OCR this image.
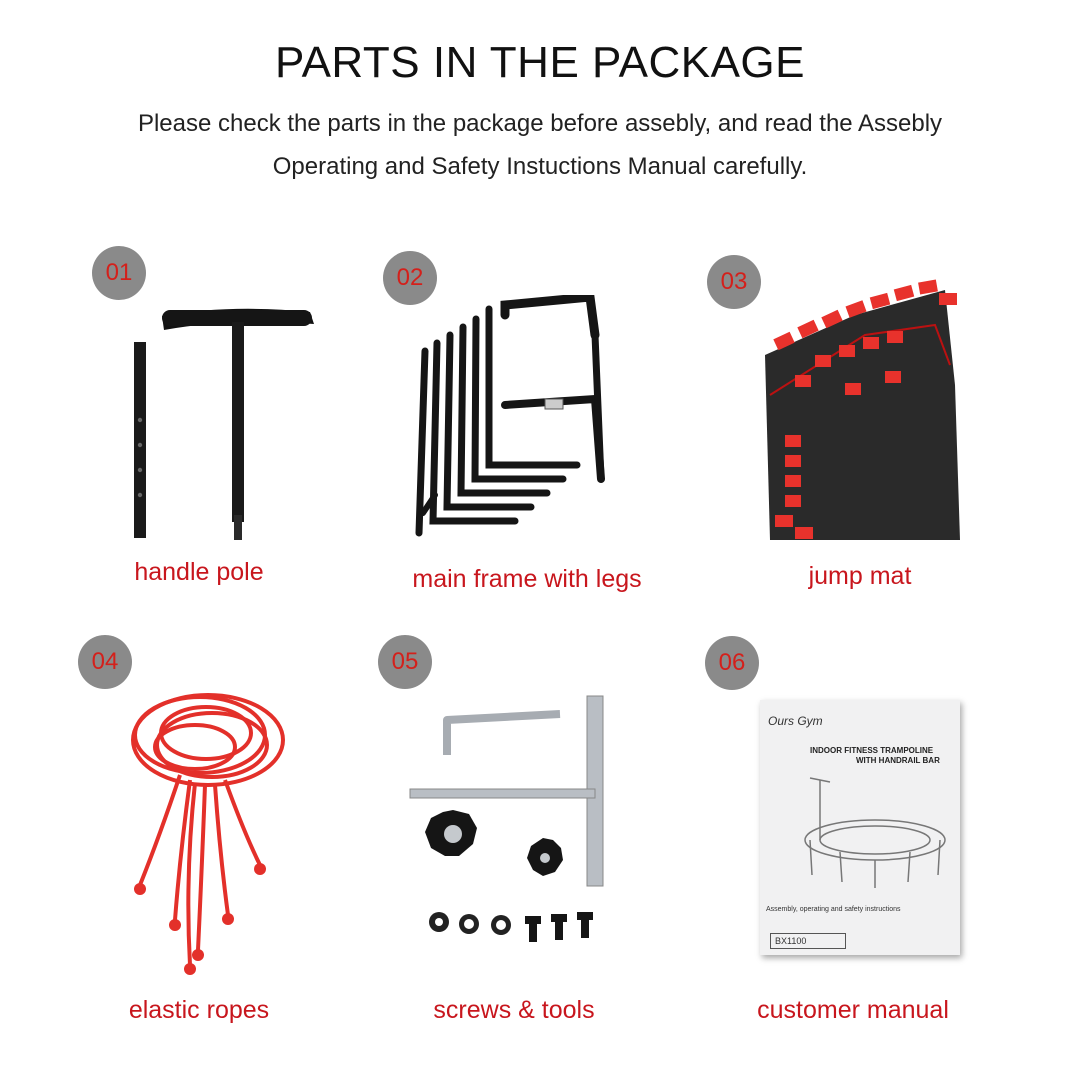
PARTS IN THE PACKAGE
Please check the parts in the package before assebly, and read the Assebly
Operating and Safety Instuctions Manual carefully.
01
handle pole
02
main frame with legs
03
jump mat
04
elastic ropes
05
screws & tools
06
Ours Gym
INDOOR FITNESS TRAMPOLINE
WITH HANDRAIL BAR
Assembly, operating and safety instructions
BX1100
customer manual
